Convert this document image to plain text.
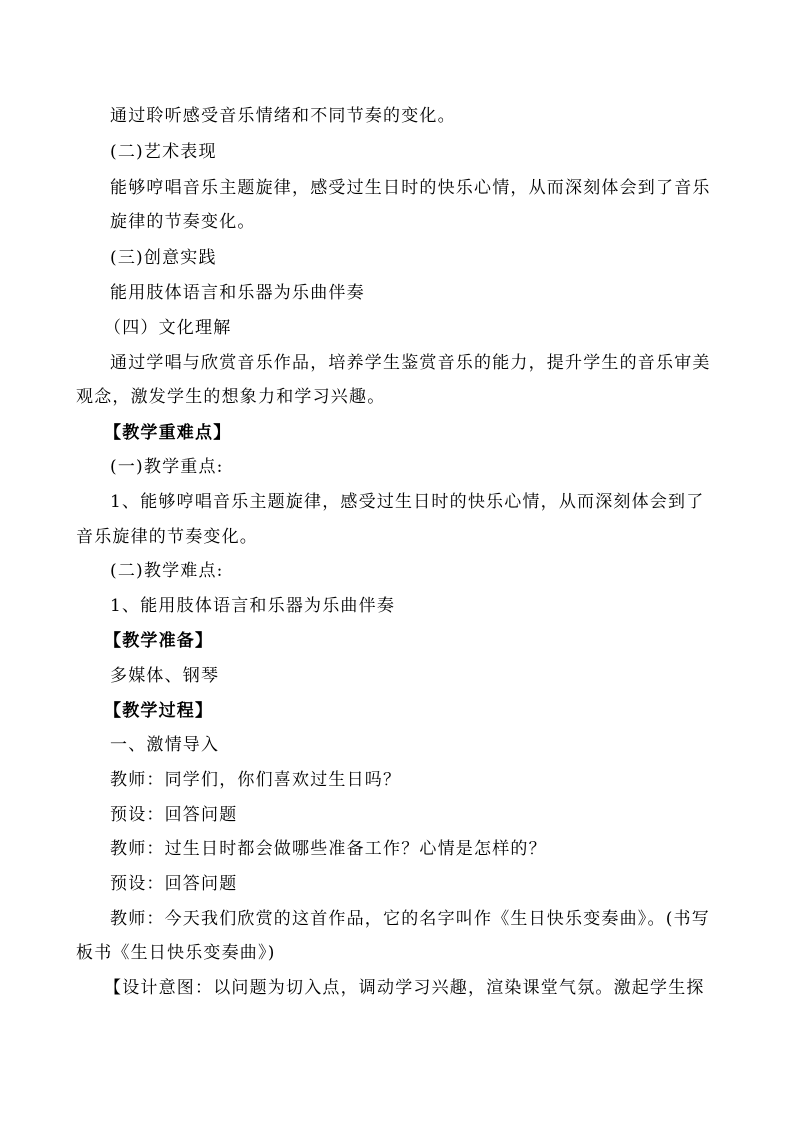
通过聆听感受音乐情绪和不同节奏的变化。
(二)艺术表现
能够哼唱音乐主题旋律，感受过生日时的快乐心情，从而深刻体会到了音乐
旋律的节奏变化。
(三)创意实践
能用肢体语言和乐器为乐曲伴奏
（四）文化理解
通过学唱与欣赏音乐作品，培养学生鉴赏音乐的能力，提升学生的音乐审美
观念，激发学生的想象力和学习兴趣。
【教学重难点】
(一)教学重点:
1、能够哼唱音乐主题旋律，感受过生日时的快乐心情，从而深刻体会到了
音乐旋律的节奏变化。
(二)教学难点:
1、能用肢体语言和乐器为乐曲伴奏
【教学准备】
多媒体、钢琴
【教学过程】
一、激情导入
教师：同学们，你们喜欢过生日吗？
预设：回答问题
教师：过生日时都会做哪些准备工作？心情是怎样的？
预设：回答问题
教师：今天我们欣赏的这首作品，它的名字叫作《生日快乐变奏曲》。(书写
板书《生日快乐变奏曲》)
【设计意图：以问题为切入点，调动学习兴趣，渲染课堂气氛。激起学生探
